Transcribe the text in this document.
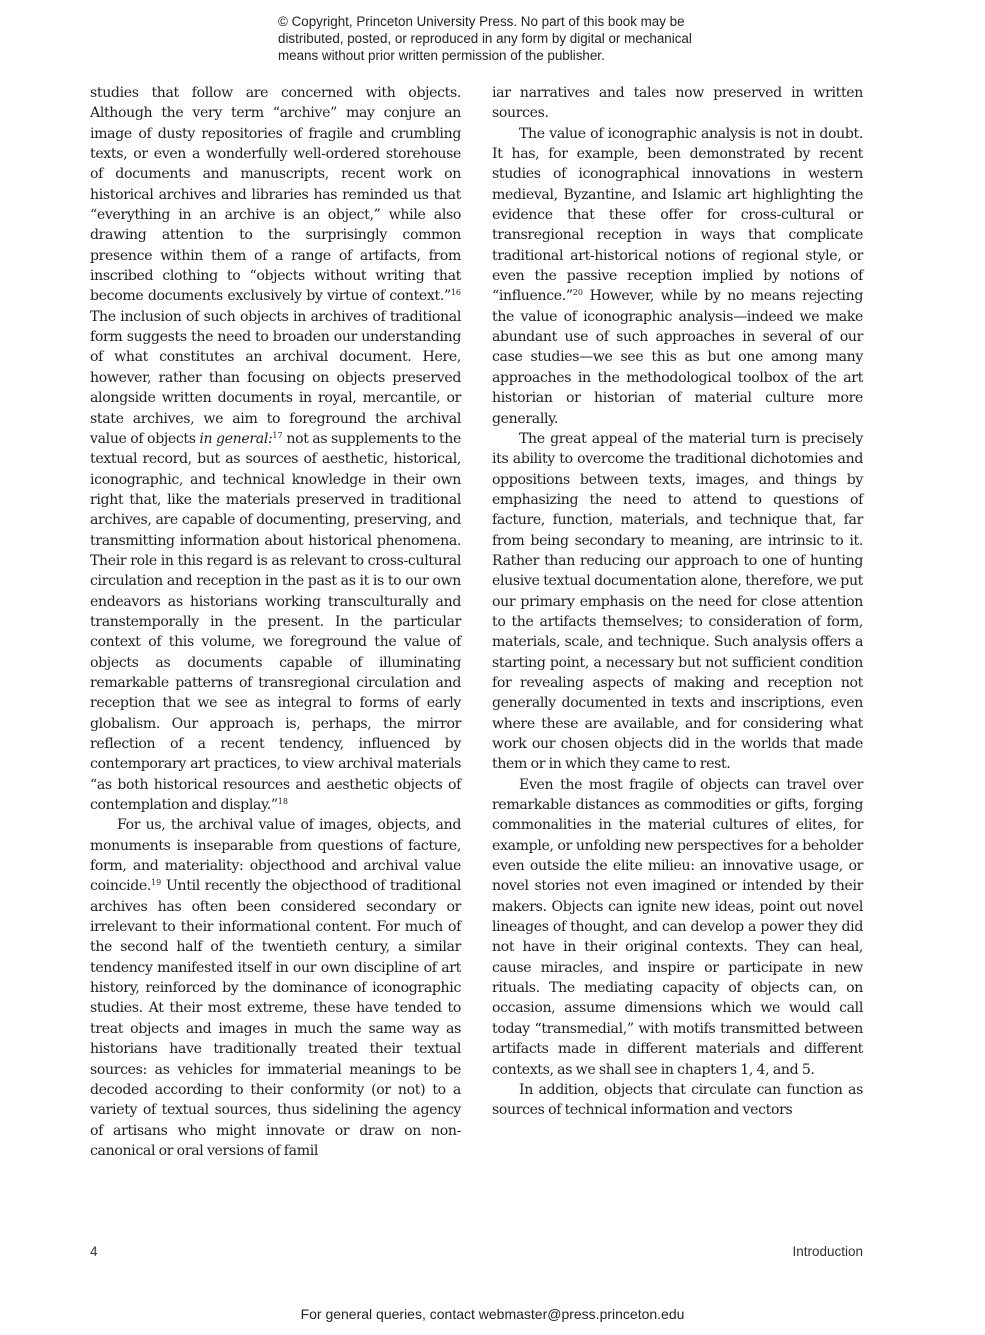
© Copyright, Princeton University Press. No part of this book may be
distributed, posted, or reproduced in any form by digital or mechanical
means without prior written permission of the publisher.

studies that follow are concerned with objects. Although the very term “archive” may conjure an image of dusty repositories of fragile and crumbling texts, or even a wonderfully well-ordered storehouse of documents and manuscripts, recent work on historical archives and libraries has reminded us that “everything in an archive is an object,” while also drawing attention to the surprisingly common presence within them of a range of artifacts, from inscribed clothing to “objects without writing that become documents exclusively by virtue of context.”$^{16}$ The inclusion of such objects in archives of traditional form suggests the need to broaden our understanding of what constitutes an archival document. Here, however, rather than focusing on objects preserved alongside written documents in royal, mercantile, or state archives, we aim to foreground the archival value of objects in general:$^{17}$ not as supplements to the textual record, but as sources of aesthetic, historical, iconographic, and technical knowledge in their own right that, like the materials preserved in traditional archives, are capable of documenting, preserving, and transmitting information about historical phenomena. Their role in this regard is as relevant to cross-cultural circulation and reception in the past as it is to our own endeavors as historians working transculturally and transtemporally in the present. In the particular context of this volume, we foreground the value of objects as documents capable of illuminating remarkable patterns of transregional circulation and reception that we see as integral to forms of early globalism. Our approach is, perhaps, the mirror reflection of a recent tendency, influenced by contemporary art practices, to view archival materials “as both historical resources and aesthetic objects of contemplation and display.”$^{18}$

For us, the archival value of images, objects, and monuments is inseparable from questions of facture, form, and materiality: objecthood and archival value coincide.$^{19}$ Until recently the objecthood of traditional archives has often been considered secondary or irrelevant to their informational content. For much of the second half of the twentieth century, a similar tendency manifested itself in our own discipline of art history, reinforced by the dominance of iconographic studies. At their most extreme, these have tended to treat objects and images in much the same way as historians have traditionally treated their textual sources: as vehicles for immaterial meanings to be decoded according to their conformity (or not) to a variety of textual sources, thus sidelining the agency of artisans who might innovate or draw on non-canonical or oral versions of famil

iar narratives and tales now preserved in written sources.

The value of iconographic analysis is not in doubt. It has, for example, been demonstrated by recent studies of iconographical innovations in western medieval, Byzantine, and Islamic art highlighting the evidence that these offer for cross-cultural or transregional reception in ways that complicate traditional art-historical notions of regional style, or even the passive reception implied by notions of “influence.”$^{20}$ However, while by no means rejecting the value of iconographic analysis—indeed we make abundant use of such approaches in several of our case studies—we see this as but one among many approaches in the methodological toolbox of the art historian or historian of material culture more generally.

The great appeal of the material turn is precisely its ability to overcome the traditional dichotomies and oppositions between texts, images, and things by emphasizing the need to attend to questions of facture, function, materials, and technique that, far from being secondary to meaning, are intrinsic to it. Rather than reducing our approach to one of hunting elusive textual documentation alone, therefore, we put our primary emphasis on the need for close attention to the artifacts themselves; to consideration of form, materials, scale, and technique. Such analysis offers a starting point, a necessary but not sufficient condition for revealing aspects of making and reception not generally documented in texts and inscriptions, even where these are available, and for considering what work our chosen objects did in the worlds that made them or in which they came to rest.

Even the most fragile of objects can travel over remarkable distances as commodities or gifts, forging commonalities in the material cultures of elites, for example, or unfolding new perspectives for a beholder even outside the elite milieu: an innovative usage, or novel stories not even imagined or intended by their makers. Objects can ignite new ideas, point out novel lineages of thought, and can develop a power they did not have in their original contexts. They can heal, cause miracles, and inspire or participate in new rituals. The mediating capacity of objects can, on occasion, assume dimensions which we would call today “transmedial,” with motifs transmitted between artifacts made in different materials and different contexts, as we shall see in chapters 1, 4, and 5.

In addition, objects that circulate can function as sources of technical information and vectors

4	Introduction
For general queries, contact webmaster@press.princeton.edu
